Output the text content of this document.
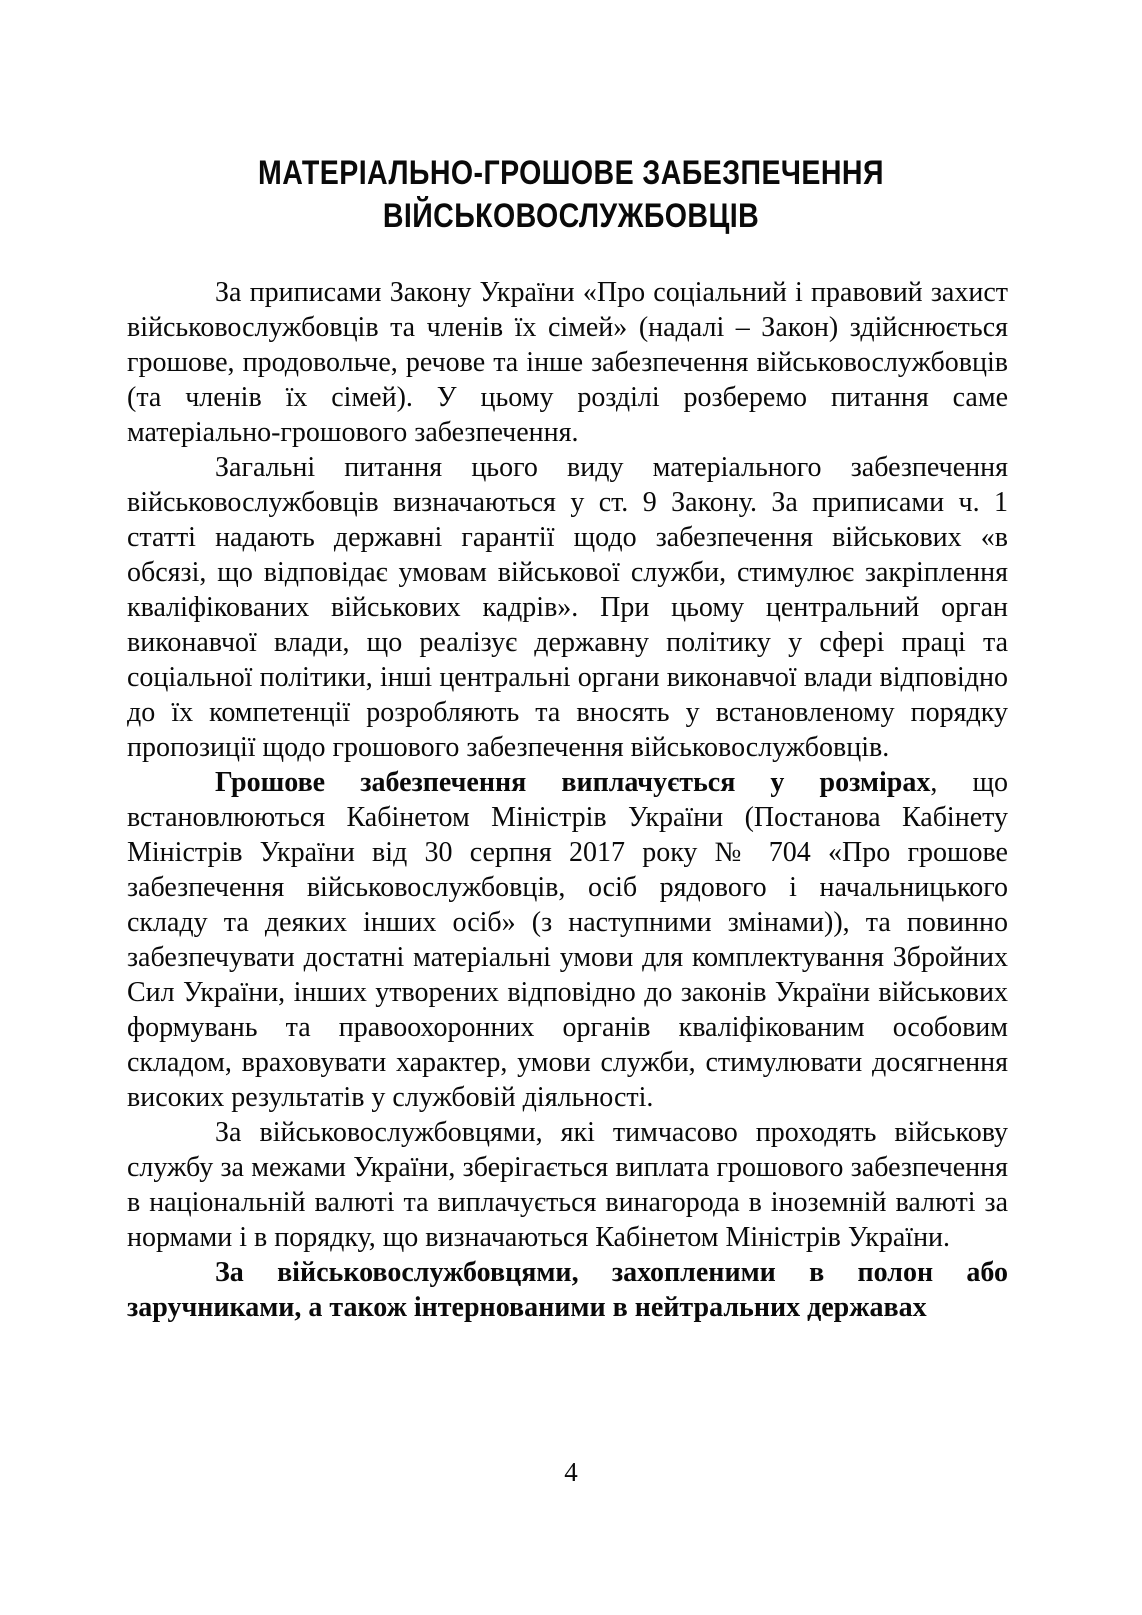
МАТЕРІАЛЬНО-ГРОШОВЕ ЗАБЕЗПЕЧЕННЯ
ВІЙСЬКОВОСЛУЖБОВЦІВ

За приписами Закону України «Про соціальний і правовий захист військовослужбовців та членів їх сімей» (надалі – Закон) здійснюється грошове, продовольче, речове та інше забезпечення військовослужбовців (та членів їх сімей). У цьому розділі розберемо питання саме матеріально-грошового забезпечення.

Загальні питання цього виду матеріального забезпечення військовослужбовців визначаються у ст. 9 Закону. За приписами ч. 1 статті надають державні гарантії щодо забезпечення військових «в обсязі, що відповідає умовам військової служби, стимулює закріплення кваліфікованих військових кадрів». При цьому центральний орган виконавчої влади, що реалізує державну політику у сфері праці та соціальної політики, інші центральні органи виконавчої влади відповідно до їх компетенції розробляють та вносять у встановленому порядку пропозиції щодо грошового забезпечення військовослужбовців.

Грошове забезпечення виплачується у розмірах, що встановлюються Кабінетом Міністрів України (Постанова Кабінету Міністрів України від 30 серпня 2017 року № 704 «Про грошове забезпечення військовослужбовців, осіб рядового і начальницького складу та деяких інших осіб» (з наступними змінами)), та повинно забезпечувати достатні матеріальні умови для комплектування Збройних Сил України, інших утворених відповідно до законів України військових формувань та правоохоронних органів кваліфікованим особовим складом, враховувати характер, умови служби, стимулювати досягнення високих результатів у службовій діяльності.

За військовослужбовцями, які тимчасово проходять військову службу за межами України, зберігається виплата грошового забезпечення в національній валюті та виплачується винагорода в іноземній валюті за нормами і в порядку, що визначаються Кабінетом Міністрів України.

За військовослужбовцями, захопленими в полон або заручниками, а також інтернованими в нейтральних державах

4
